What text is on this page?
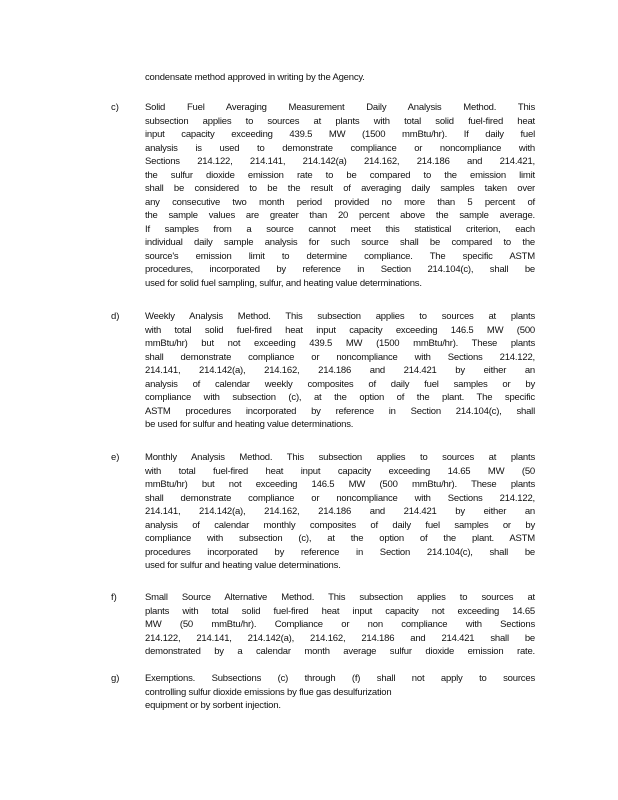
condensate method approved in writing by the Agency.
c)	Solid Fuel Averaging Measurement Daily Analysis Method. This
subsection applies to sources at plants with total solid fuel-fired heat
input capacity exceeding 439.5 MW (1500 mmBtu/hr). If daily fuel
analysis is used to demonstrate compliance or noncompliance with
Sections 214.122, 214.141, 214.142(a) 214.162, 214.186 and 214.421,
the sulfur dioxide emission rate to be compared to the emission limit
shall be considered to be the result of averaging daily samples taken over
any consecutive two month period provided no more than 5 percent of
the sample values are greater than 20 percent above the sample average.
If samples from a source cannot meet this statistical criterion, each
individual daily sample analysis for such source shall be compared to the
source's emission limit to determine compliance. The specific ASTM
procedures, incorporated by reference in Section 214.104(c), shall be
used for solid fuel sampling, sulfur, and heating value determinations.
d)	Weekly Analysis Method. This subsection applies to sources at plants
with total solid fuel-fired heat input capacity exceeding 146.5 MW (500
mmBtu/hr) but not exceeding 439.5 MW (1500 mmBtu/hr). These plants
shall demonstrate compliance or noncompliance with Sections 214.122,
214.141, 214.142(a), 214.162, 214.186 and 214.421 by either an
analysis of calendar weekly composites of daily fuel samples or by
compliance with subsection (c), at the option of the plant. The specific
ASTM procedures incorporated by reference in Section 214.104(c), shall
be used for sulfur and heating value determinations.
e)	Monthly Analysis Method. This subsection applies to sources at plants
with total fuel-fired heat input capacity exceeding 14.65 MW (50
mmBtu/hr) but not exceeding 146.5 MW (500 mmBtu/hr). These plants
shall demonstrate compliance or noncompliance with Sections 214.122,
214.141, 214.142(a), 214.162, 214.186 and 214.421 by either an
analysis of calendar monthly composites of daily fuel samples or by
compliance with subsection (c), at the option of the plant. ASTM
procedures incorporated by reference in Section 214.104(c), shall be
used for sulfur and heating value determinations.
f)	Small Source Alternative Method. This subsection applies to sources at
plants with total solid fuel-fired heat input capacity not exceeding 14.65
MW (50 mmBtu/hr). Compliance or non compliance with Sections
214.122, 214.141, 214.142(a), 214.162, 214.186 and 214.421 shall be
demonstrated by a calendar month average sulfur dioxide emission rate.
g)	Exemptions. Subsections (c) through (f) shall not apply to sources
controlling sulfur dioxide emissions by flue gas desulfurization
equipment or by sorbent injection.
